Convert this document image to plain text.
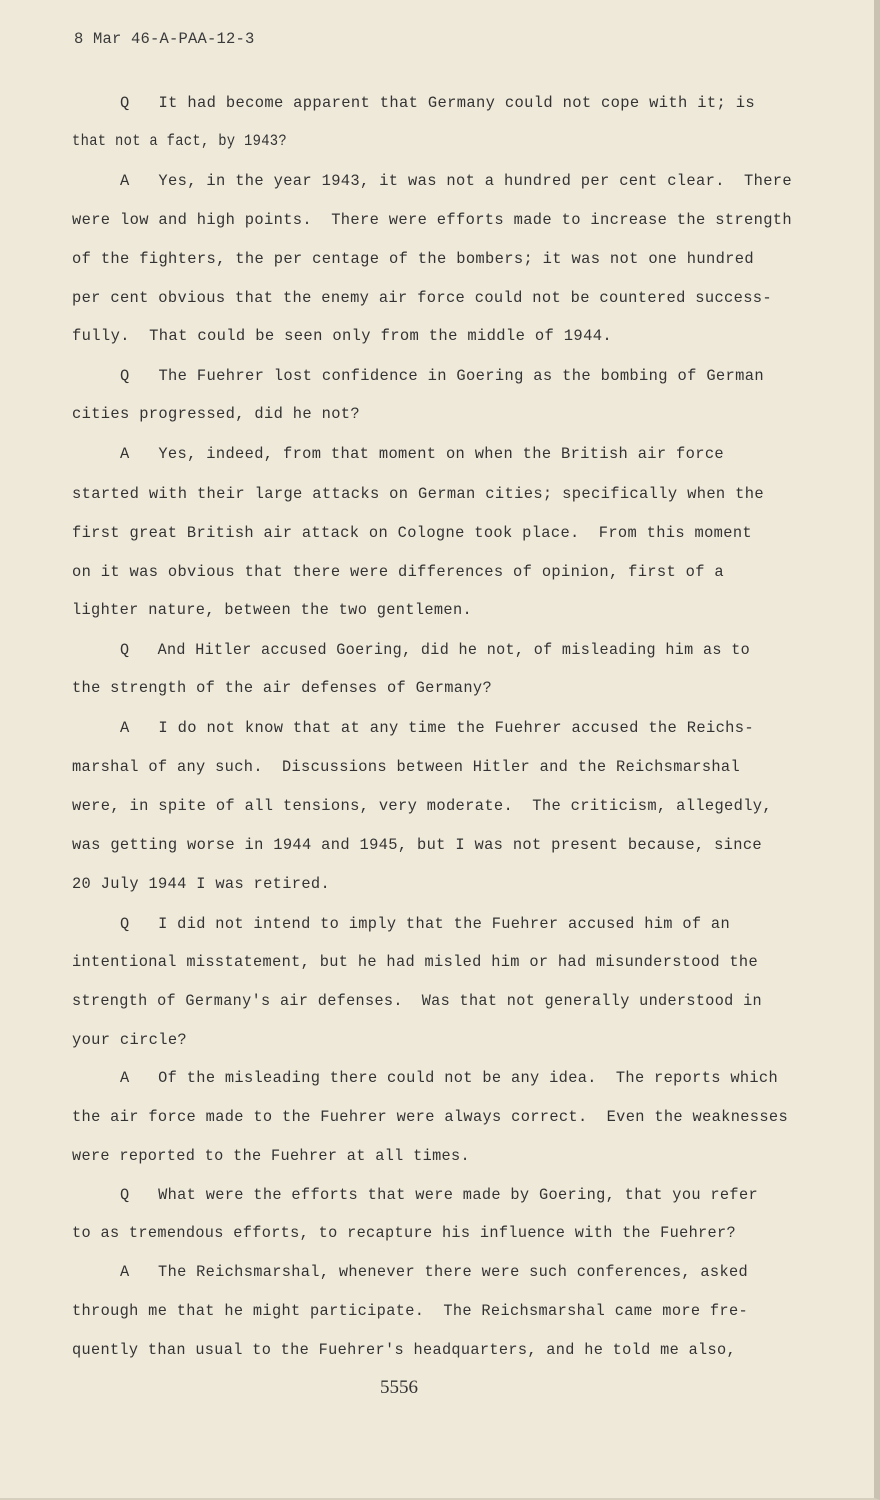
8 Mar 46-A-PAA-12-3
Q   It had become apparent that Germany could not cope with it; is
that not a fact, by 1943?
A   Yes, in the year 1943, it was not a hundred per cent clear.  There
were low and high points.  There were efforts made to increase the strength
of the fighters, the per centage of the bombers; it was not one hundred
per cent obvious that the enemy air force could not be countered success-
fully.  That could be seen only from the middle of 1944.
Q   The Fuehrer lost confidence in Goering as the bombing of German
cities progressed, did he not?
A   Yes, indeed, from that moment on when the British air force
started with their large attacks on German cities; specifically when the
first great British air attack on Cologne took place.  From this moment
on it was obvious that there were differences of opinion, first of a
lighter nature, between the two gentlemen.
Q   And Hitler accused Goering, did he not, of misleading him as to
the strength of the air defenses of Germany?
A   I do not know that at any time the Fuehrer accused the Reichs-
marshal of any such.  Discussions between Hitler and the Reichsmarshal
were, in spite of all tensions, very moderate.  The criticism, allegedly,
was getting worse in 1944 and 1945, but I was not present because, since
20 July 1944 I was retired.
Q   I did not intend to imply that the Fuehrer accused him of an
intentional misstatement, but he had misled him or had misunderstood the
strength of Germany's air defenses.  Was that not generally understood in
your circle?
A   Of the misleading there could not be any idea.  The reports which
the air force made to the Fuehrer were always correct.  Even the weaknesses
were reported to the Fuehrer at all times.
Q   What were the efforts that were made by Goering, that you refer
to as tremendous efforts, to recapture his influence with the Fuehrer?
A   The Reichsmarshal, whenever there were such conferences, asked
through me that he might participate.  The Reichsmarshal came more fre-
quently than usual to the Fuehrer's headquarters, and he told me also,
5556
